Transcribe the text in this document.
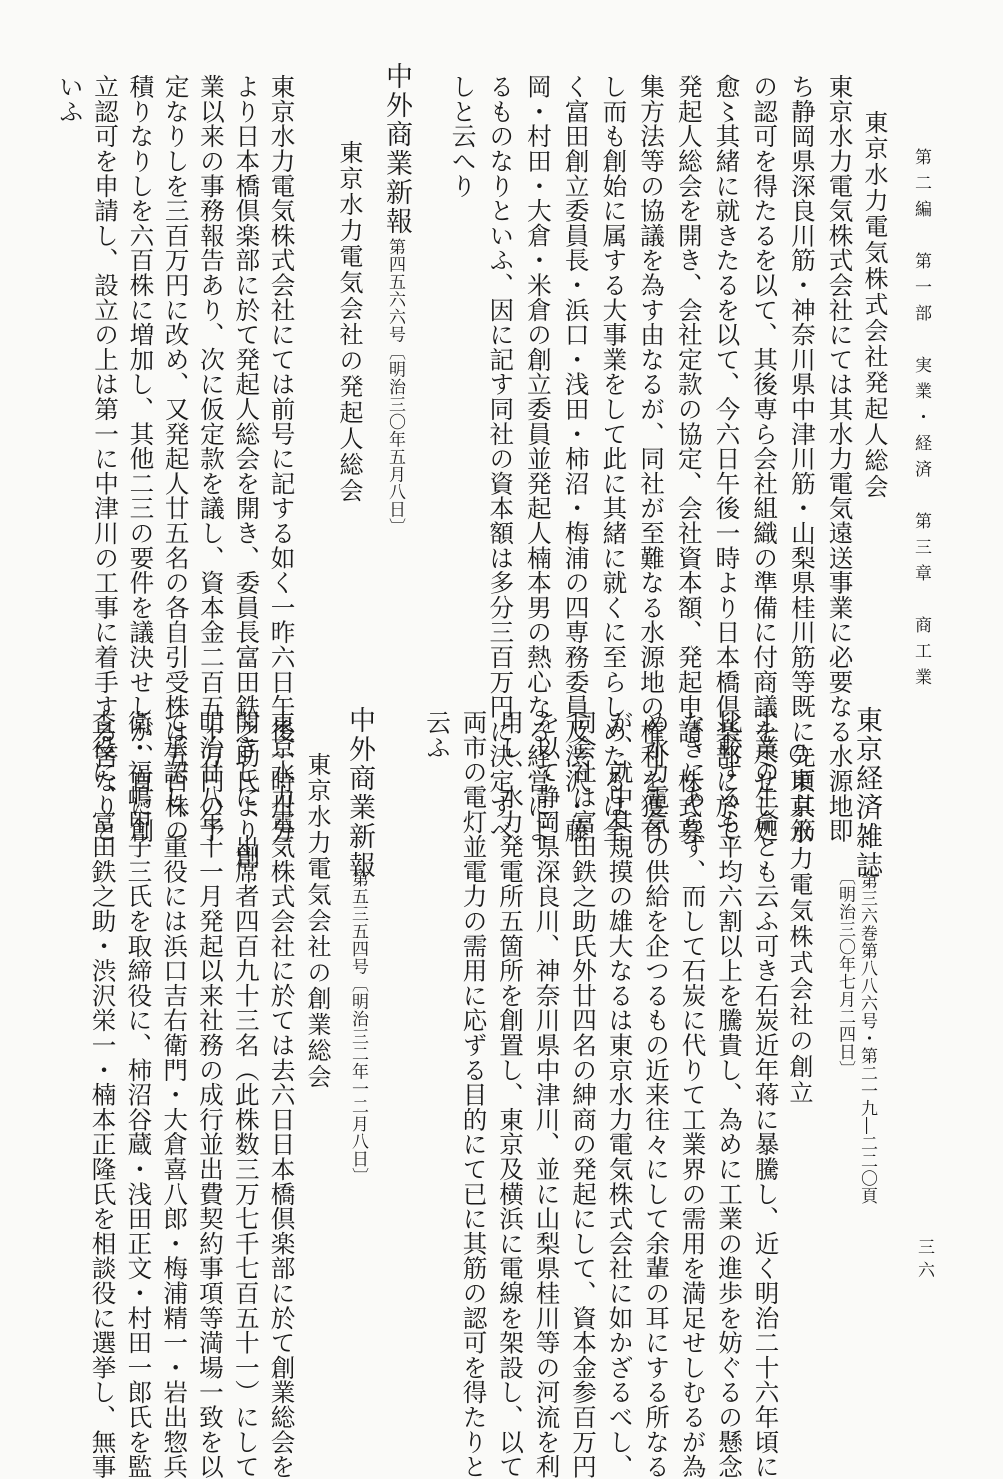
第二編　第一部　実業・経済　第三章　商工業
三六
東京水力電気株式会社発起人総会
東京水力電気株式会社にては其水力電気遠送事業に必要なる水源地即
ち静岡県深良川筋・神奈川県中津川筋・山梨県桂川筋等既に先頃其筋
の認可を得たるを以て、其後専ら会社組織の準備に付商議を尽せし処
愈〻其緒に就きたるを以て、今六日午後一時より日本橋倶楽部に於て
発起人総会を開き、会社定款の協定、会社資本額、発起申請、株式募
集方法等の協議を為す由なるが、同社が至難なる水源地の権利を獲有
し而も創始に属する大事業をして此に其緒に就くに至らしめたるは全
く富田創立委員長・浜口・浅田・柿沼・梅浦の四専務委員及渋沢・藤
岡・村田・大倉・米倉の創立委員並発起人楠本男の熱心なる経営によ
るものなりといふ、因に記す同社の資本額は多分三百万円に決定すべ
しと云へり
中外商業新報
第四五六六号〔明治三〇年五月八日〕
東京水力電気会社の発起人総会
東京水力電気株式会社にては前号に記する如く一昨六日午後一時卅分
より日本橋倶楽部に於て発起人総会を開き、委員長富田鉄之助氏より創
業以来の事務報告あり、次に仮定款を議し、資本金二百五十万円の予
定なりしを三百万円に改め、又発起人廿五名の各自引受株は五百株の
積りなりしを六百株に増加し、其他二三の要件を議決せしが、直に創
立認可を申請し、設立の上は第一に中津川の工事に着手する筈なりと
いふ
東京経済雑誌
第三六巻第八八六号・第二一九―二二〇頁
〔明治三〇年七月二四日〕
○東京水力電気株式会社の創立
工業の生命とも云ふ可き石炭近年蒋に暴騰し、近く明治二十六年頃に
比較するも平均六割以上を騰貴し、為めに工業の進歩を妨ぐるの懸念
なきにあらず、而して石炭に代りて工業界の需用を満足せしむるが為
め水力電気の供給を企つるもの近来往々にして余輩の耳にする所なる
が、就中其規摸の雄大なるは東京水力電気株式会社に如かざるべし、
同会社は富田鉄之助氏外廿四名の紳商の発起にして、資本金参百万円
を以て静岡県深良川、神奈川県中津川、並に山梨県桂川等の河流を利
用し、水力発電所五箇所を創置し、東京及横浜に電線を架設し、以て
両市の電灯並電力の需用に応ずる目的にて已に其筋の認可を得たりと
云ふ
中外商業新報
第五三五四号〔明治三二年一二月八日〕
東京水力電気会社の創業総会
東京水力電気株式会社に於ては去六日日本橋倶楽部に於て創業総会を
開きしに、出席者四百九十三名（此株数三万七千七百五十一）にして
明治廿八年十一月発起以来社務の成行並出費契約事項等満場一致を以
て承認し、重役には浜口吉右衛門・大倉喜八郎・梅浦精一・岩出惣兵
衛・福嶋甲子三氏を取締役に、柿沼谷蔵・浅田正文・村田一郎氏を監
査役に、富田鉄之助・渋沢栄一・楠本正隆氏を相談役に選挙し、無事
